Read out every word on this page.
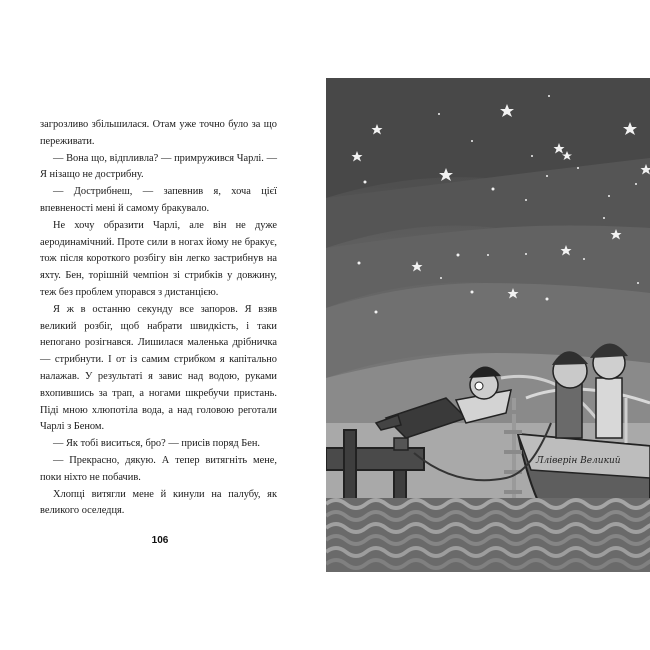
загрозливо збільшилася. Отам уже точно було за що переживати.

— Вона що, відпливла? — примружився Чарлі. — Я нізащо не дострибну.

— Дострибнеш, — запевнив я, хоча цієї впевненості мені й самому бракувало.

Не хочу образити Чарлі, але він не дуже аеродинамічний. Проте сили в ногах йому не бракує, тож після короткого розбігу він легко застрибнув на яхту. Бен, торішній чемпіон зі стрибків у довжину, теж без проблем упорався з дистанцією.

Я ж в останню секунду все запоров. Я взяв великий розбіг, щоб набрати швидкість, і таки непогано розігнався. Лишилася маленька дрібничка — стрибнути. І от із самим стрибком я капітально налажав. У результаті я завис над водою, руками вхопившись за трап, а ногами шкребучи пристань. Піді мною хлюпотіла вода, а над головою реготали Чарлі з Беном.

— Як тобі виситься, бро? — присів поряд Бен.

— Прекрасно, дякую. А тепер витягніть мене, поки ніхто не побачив.

Хлопці витягли мене й кинули на палубу, як великого оселедця.

106
Лліверін Великий
